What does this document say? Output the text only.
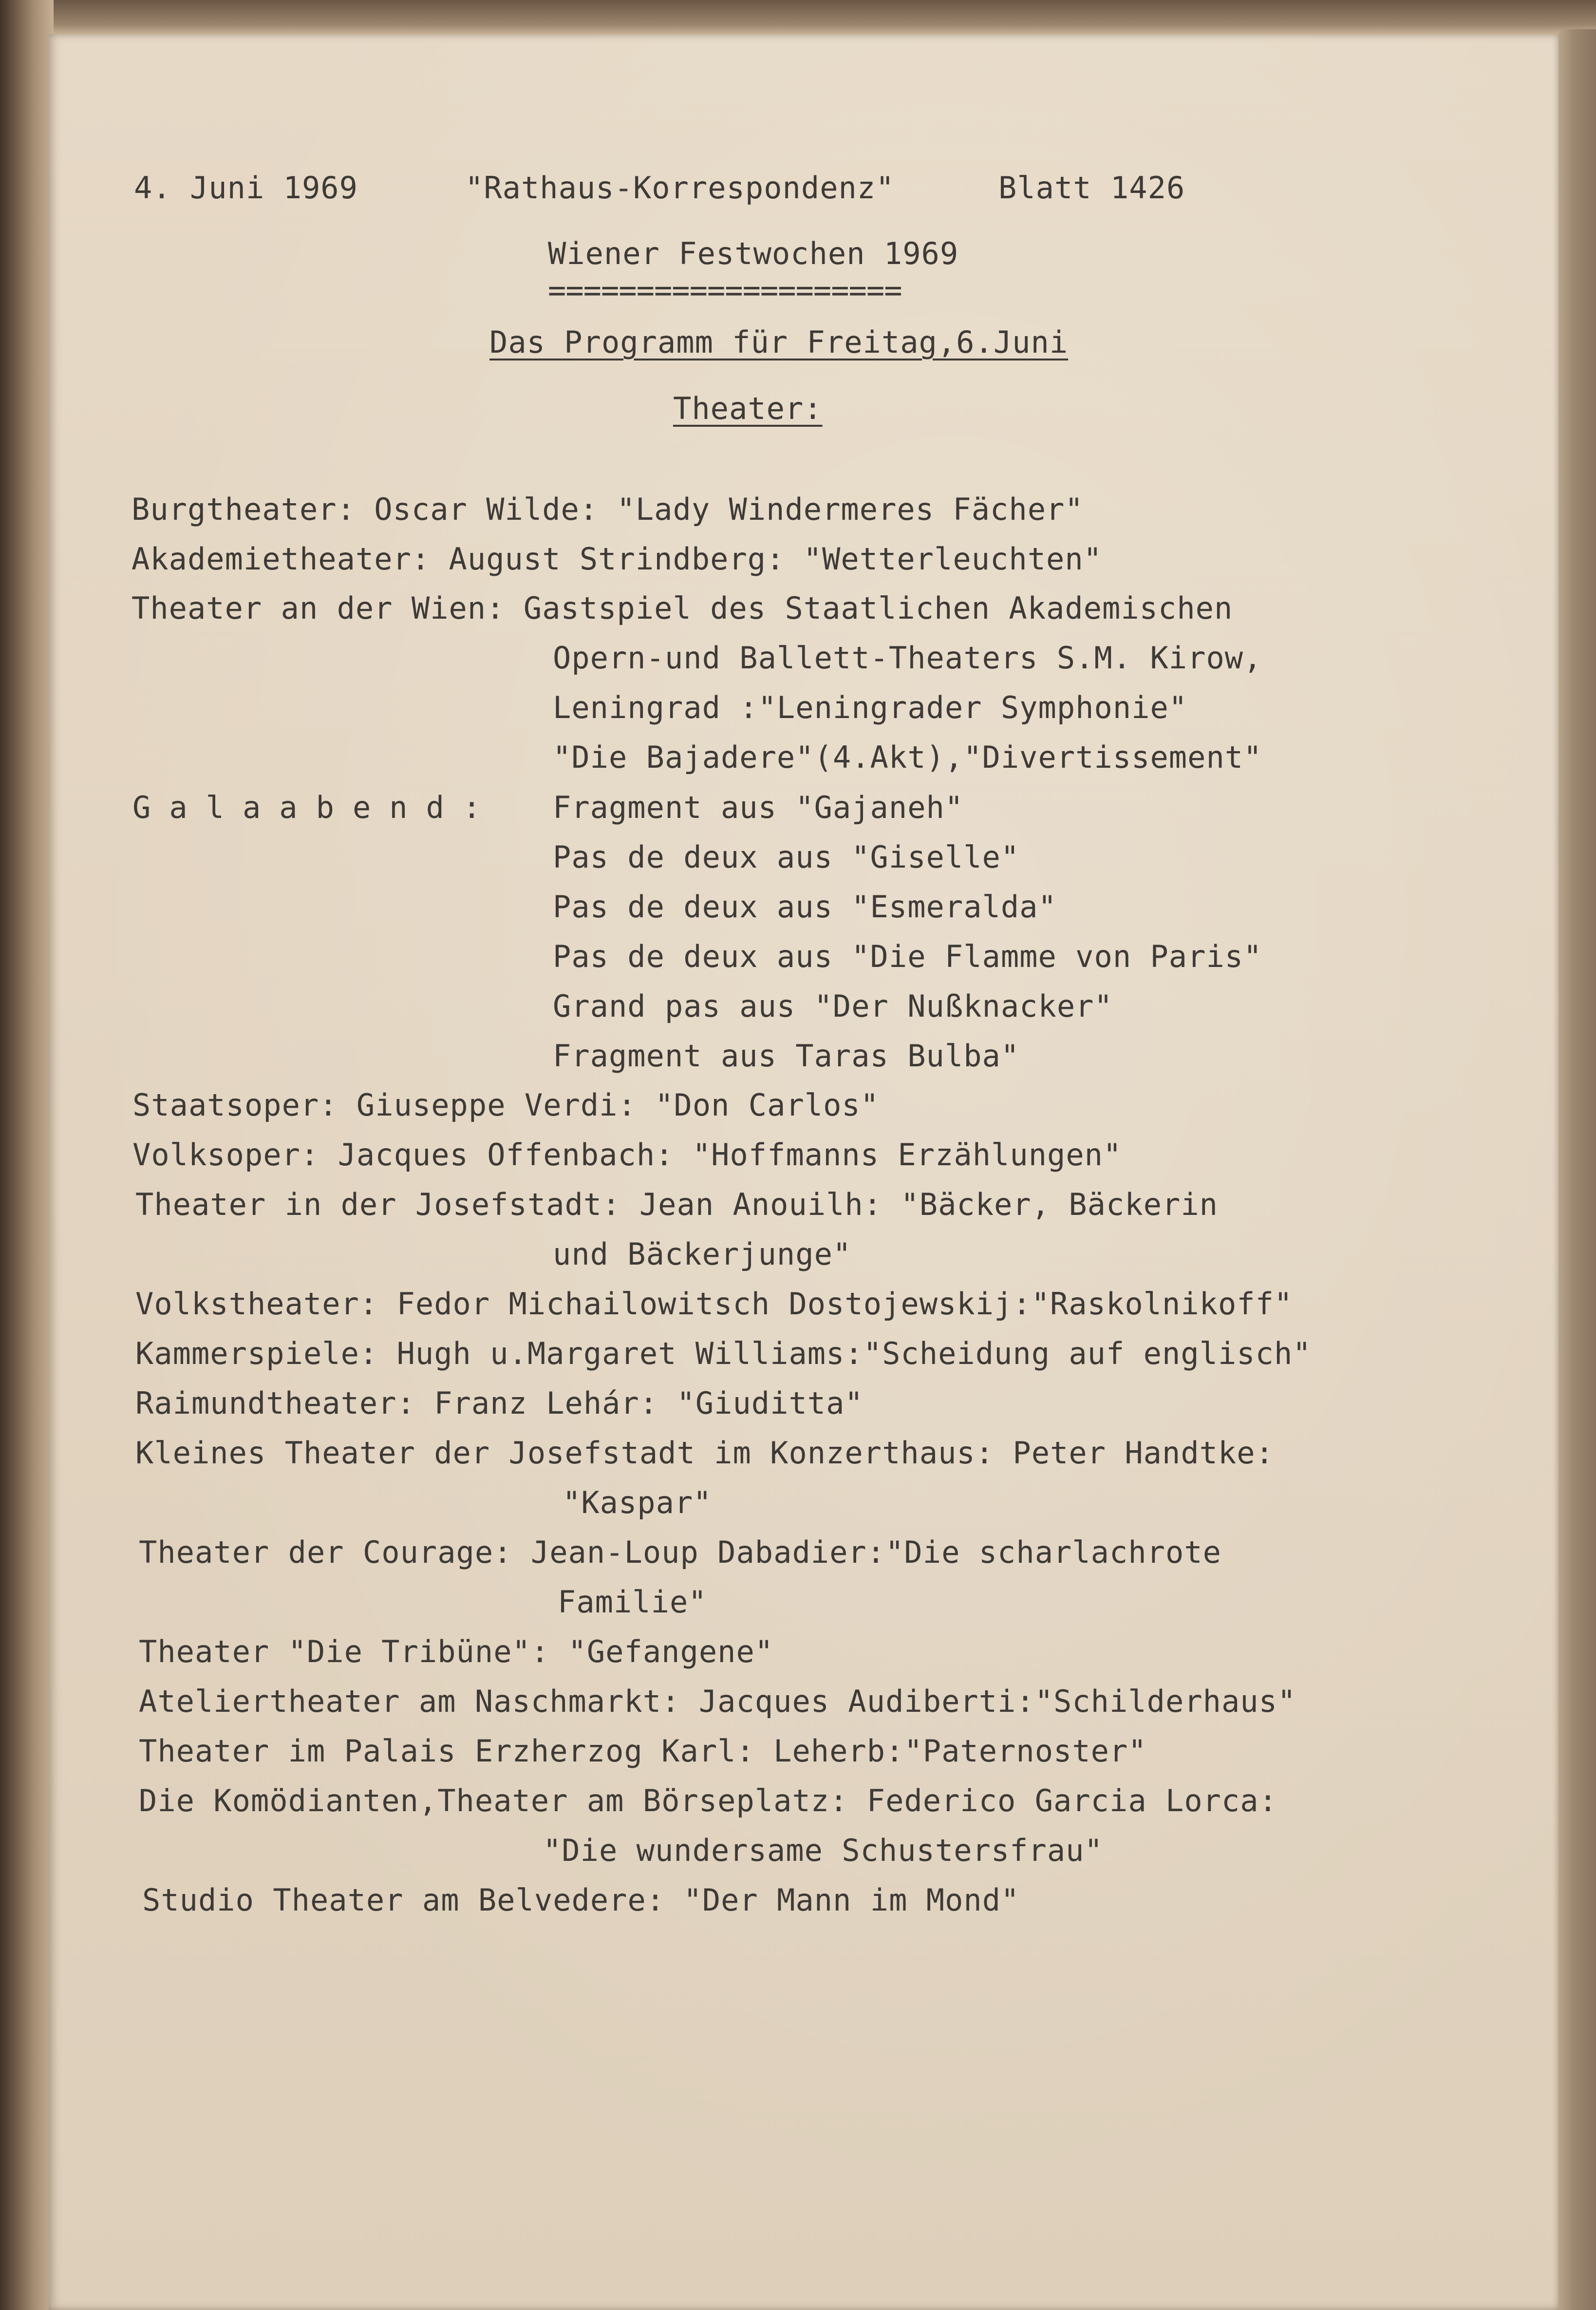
4. Juni 1969	"Rathaus-Korrespondenz"	Blatt 1426
Wiener Festwochen 1969
====================
Das Programm für Freitag,6.Juni
Theater:
Burgtheater: Oscar Wilde: "Lady Windermeres Fächer"
Akademietheater: August Strindberg: "Wetterleuchten"
Theater an der Wien: Gastspiel des Staatlichen Akademischen
Opern-und Ballett-Theaters S.M. Kirow,
Leningrad :"Leningrader Symphonie"
"Die Bajadere"(4.Akt),"Divertissement"
Galaabend: Fragment aus "Gajaneh"
Pas de deux aus "Giselle"
Pas de deux aus "Esmeralda"
Pas de deux aus "Die Flamme von Paris"
Grand pas aus "Der Nußknacker"
Fragment aus Taras Bulba"
Staatsoper: Giuseppe Verdi: "Don Carlos"
Volksoper: Jacques Offenbach: "Hoffmanns Erzählungen"
Theater in der Josefstadt: Jean Anouilh: "Bäcker, Bäckerin
und Bäckerjunge"
Volkstheater: Fedor Michailowitsch Dostojewskij:"Raskolnikoff"
Kammerspiele: Hugh u.Margaret Williams:"Scheidung auf englisch"
Raimundtheater: Franz Lehár: "Giuditta"
Kleines Theater der Josefstadt im Konzerthaus: Peter Handtke:
"Kaspar"
Theater der Courage: Jean-Loup Dabadier:"Die scharlachrote
Familie"
Theater "Die Tribüne": "Gefangene"
Ateliertheater am Naschmarkt: Jacques Audiberti:"Schilderhaus"
Theater im Palais Erzherzog Karl: Leherb:"Paternoster"
Die Komödianten,Theater am Börseplatz: Federico Garcia Lorca:
"Die wundersame Schustersfrau"
Studio Theater am Belvedere: "Der Mann im Mond"
